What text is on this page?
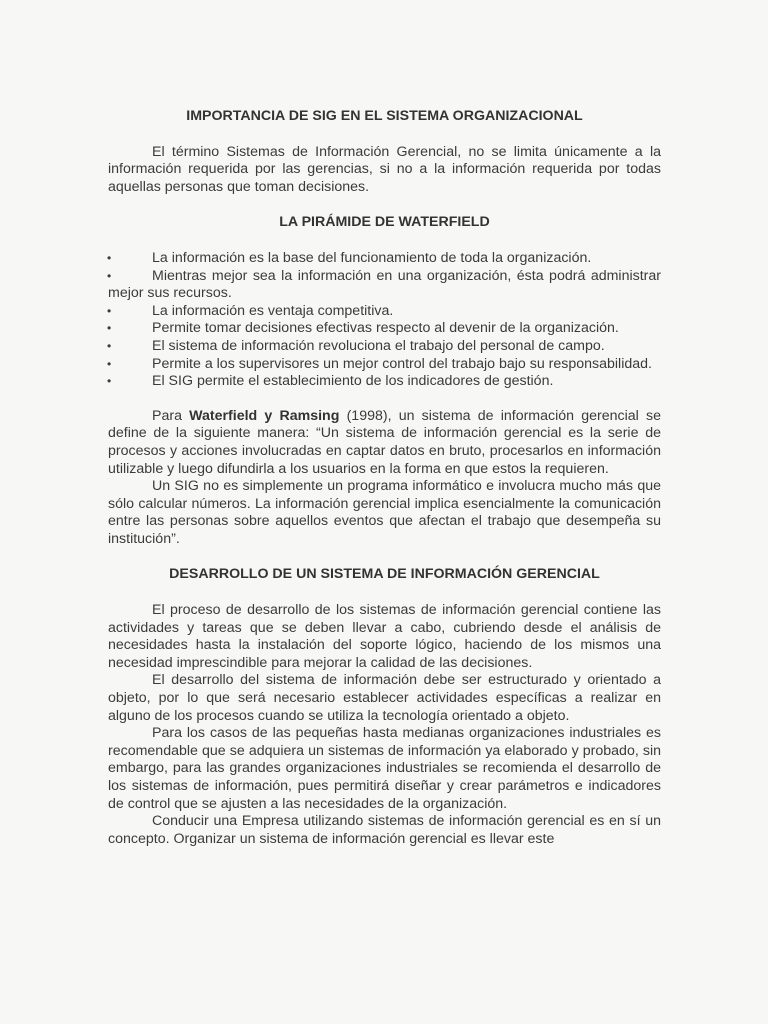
IMPORTANCIA DE SIG EN EL SISTEMA ORGANIZACIONAL

El término Sistemas de Información Gerencial, no se limita únicamente a la información requerida por las gerencias, si no a la información requerida por todas aquellas personas que toman decisiones.

LA PIRÁMIDE DE WATERFIELD
•	La información es la base del funcionamiento de toda la organización.
•	Mientras mejor sea la información en una organización, ésta podrá administrar mejor sus recursos.
•	La información es ventaja competitiva.
•	Permite tomar decisiones efectivas respecto al devenir de la organización.
•	El sistema de información revoluciona el trabajo del personal de campo.
•	Permite a los supervisores un mejor control del trabajo bajo su responsabilidad.
•	El SIG permite el establecimiento de los indicadores de gestión.

Para Waterfield y Ramsing (1998), un sistema de información gerencial se define de la siguiente manera: “Un sistema de información gerencial es la serie de procesos y acciones involucradas en captar datos en bruto, procesarlos en información utilizable y luego difundirla a los usuarios en la forma en que estos la requieren.

Un SIG no es simplemente un programa informático e involucra mucho más que sólo calcular números. La información gerencial implica esencialmente la comunicación entre las personas sobre aquellos eventos que afectan el trabajo que desempeña su institución”.

DESARROLLO DE UN SISTEMA DE INFORMACIÓN GERENCIAL

El proceso de desarrollo de los sistemas de información gerencial contiene las actividades y tareas que se deben llevar a cabo, cubriendo desde el análisis de necesidades hasta la instalación del soporte lógico, haciendo de los mismos una necesidad imprescindible para mejorar la calidad de las decisiones.

El desarrollo del sistema de información debe ser estructurado y orientado a objeto, por lo que será necesario establecer actividades específicas a realizar en alguno de los procesos cuando se utiliza la tecnología orientado a objeto.

Para los casos de las pequeñas hasta medianas organizaciones industriales es recomendable que se adquiera un sistemas de información ya elaborado y probado, sin embargo, para las grandes organizaciones industriales se recomienda el desarrollo de los sistemas de información, pues permitirá diseñar y crear parámetros e indicadores de control que se ajusten a las necesidades de la organización.

Conducir una Empresa utilizando sistemas de información gerencial es en sí un concepto. Organizar un sistema de información gerencial es llevar este
